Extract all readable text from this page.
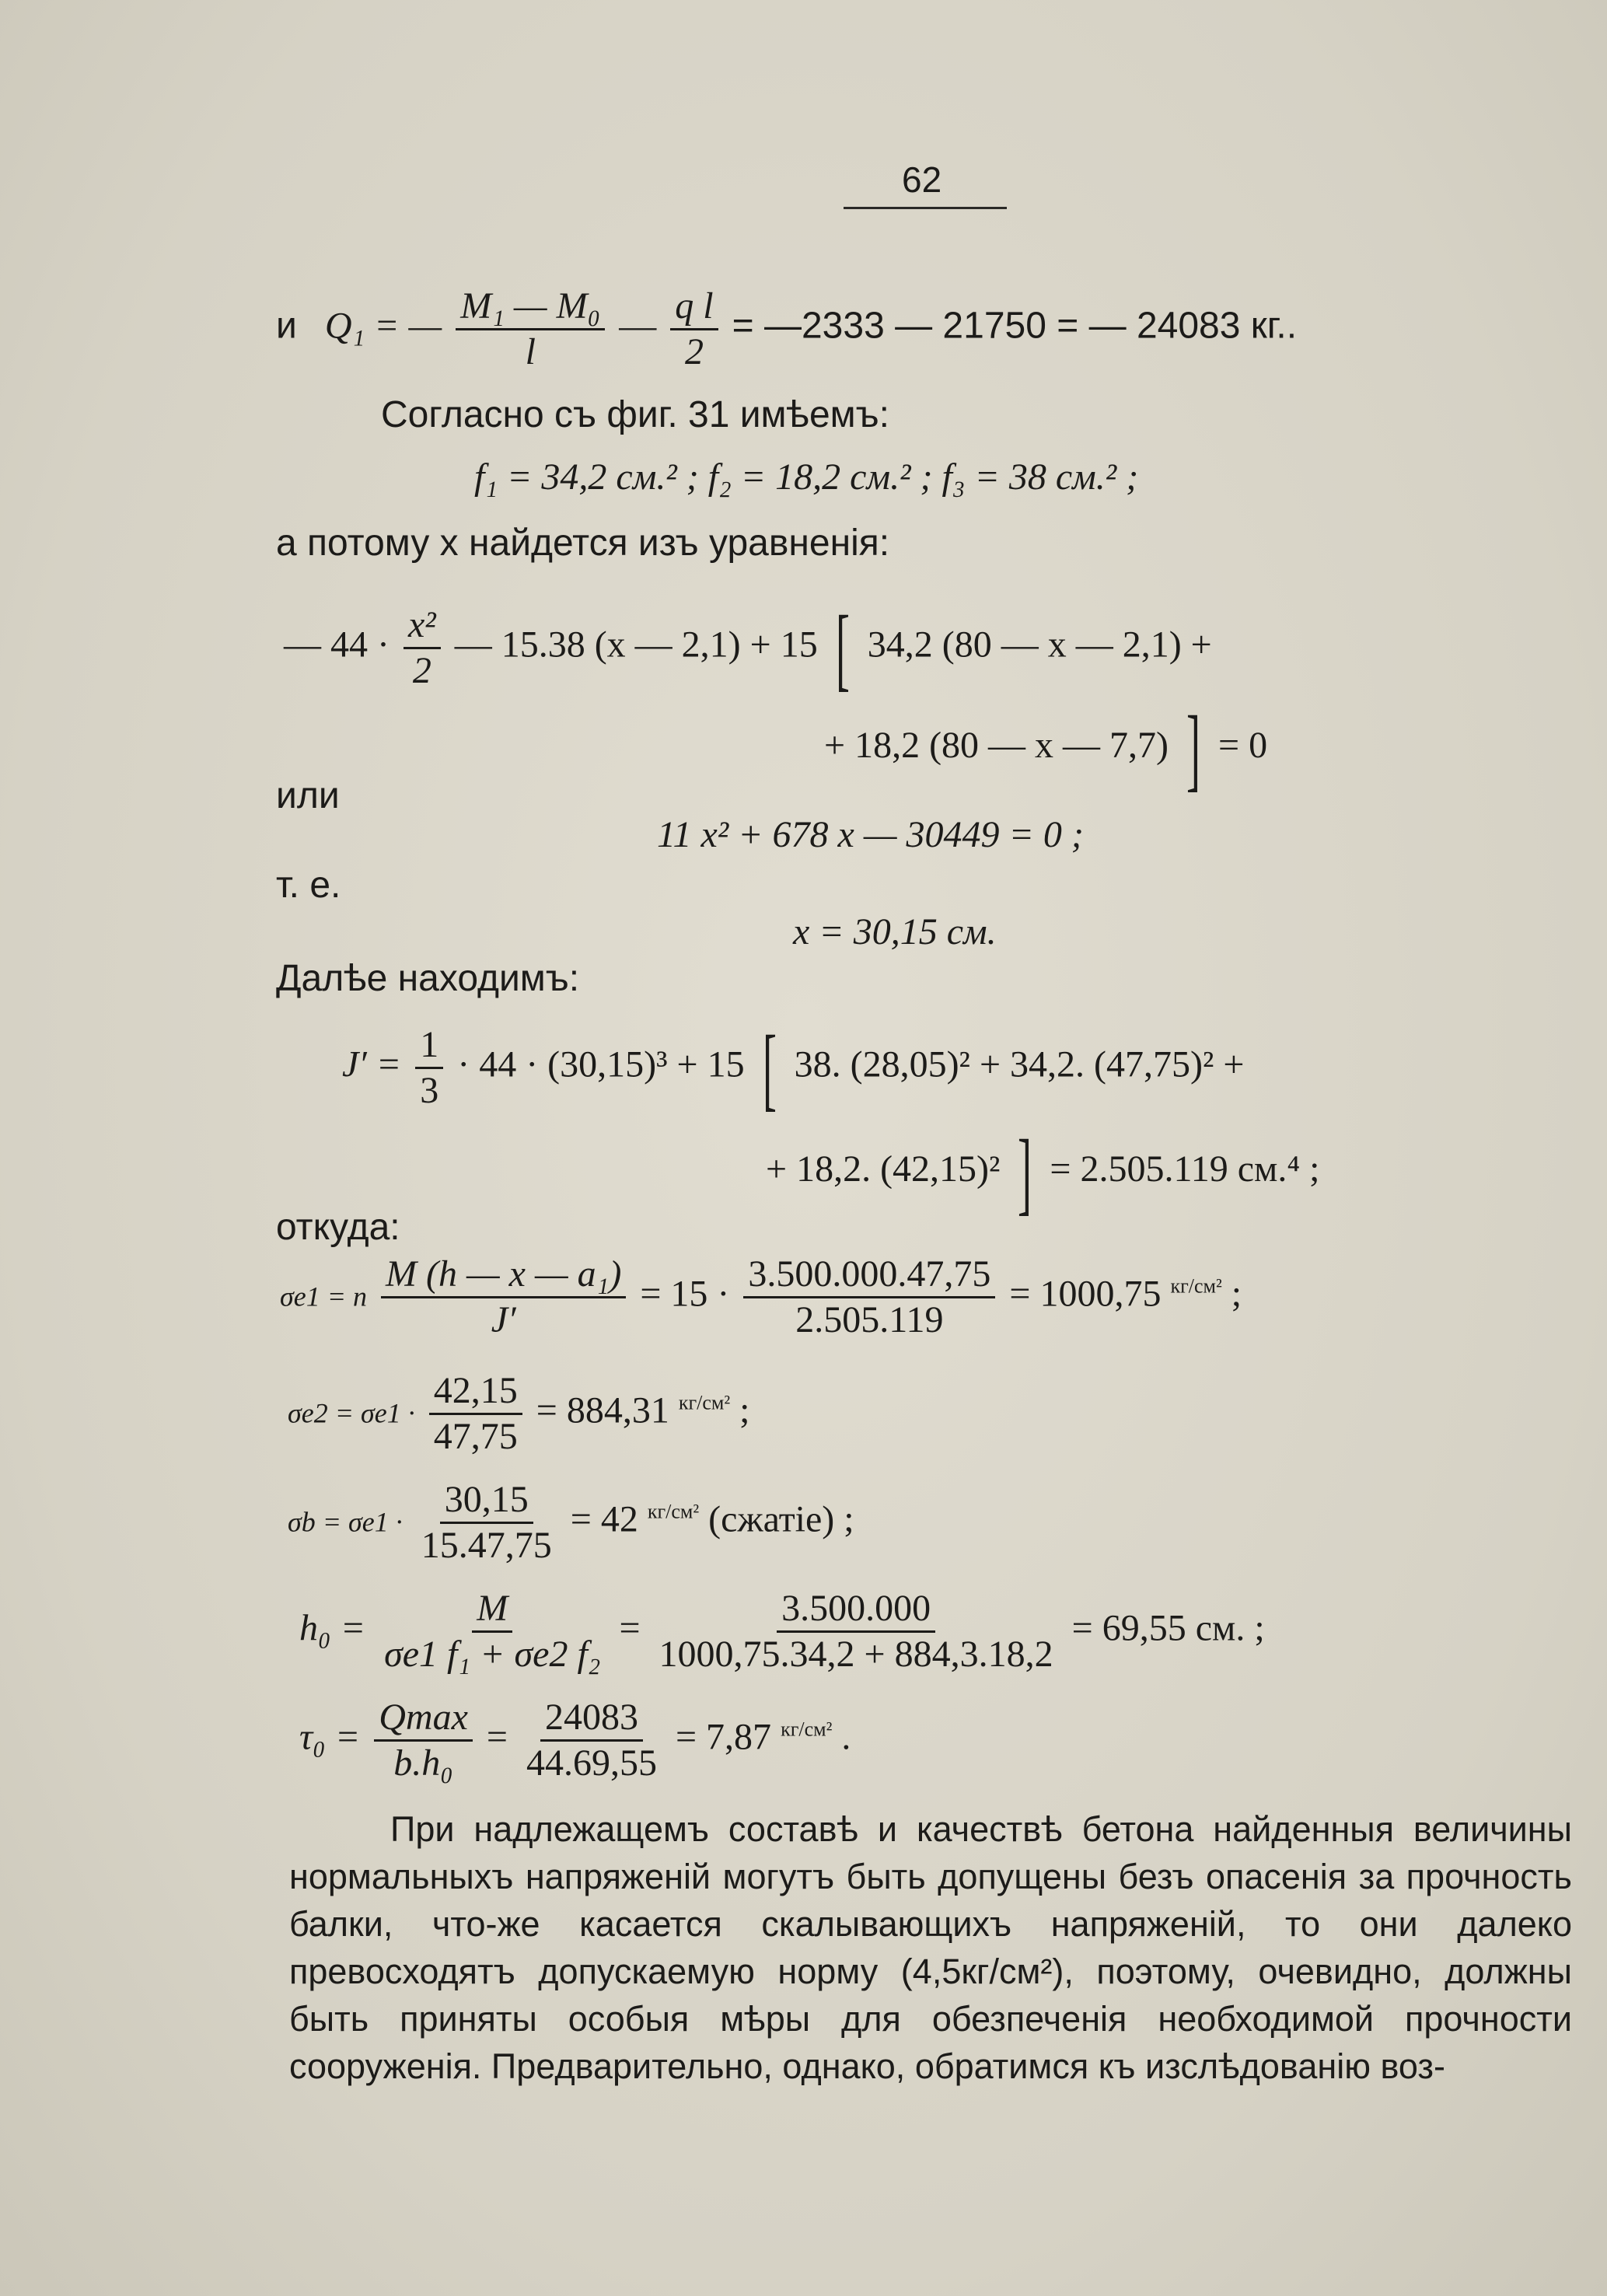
62
и Q₁ = — $\frac{\text{M₁ — M₀}}{l}$ — $\frac{\text{q l}}{2}$ = —2333 — 21750 = — 24083 кг..
Согласно съ фиг. 31 имѣемъ:
f₁ = 34,2 см.² ; f₂ = 18,2 см.² ; f₃ = 38 см.² ;
а потому x найдется изъ уравненія:
— $44 \cdot \frac{\text{x²}}{2}$ — 15.38 (x — 2,1) + 15 [ 34,2 (80 — x — 2,1) +
+ 18,2 (80 — x — 7,7) ] = 0
или
11 x² + 678 x — 30449 = 0 ;
т. е.
x = 30,15 см.
Далѣе находимъ:
$J' = \frac{1}{3} \cdot 44 \cdot (30,15)^3 + 15$ [ 38. (28,05)² + 34,2. (47,75)² +
+ 18,2. (42,15)² ] = 2.505.119 см.⁴ ;
откуда:
σe1 = n $\frac{\text{M (h — x — a₁)}}{J'} = 15 \cdot \frac{3.500.000.47,75}{2.505.119} = 1000,75$ $^{кг/см^2}$ ;
$\sigma e2 = \sigma e1 \cdot \frac{42,15}{47,75} = 884,31$ $^{кг/см^2}$ ;
$\sigma b = \sigma e1 \cdot \frac{30,15}{15.47,75} = 42$ $^{кг/см^2}$ (сжатіе) ;
$h_0 = \frac{M}{\text{σe1 f₁ + σe2 f₂}} = \frac{3.500.000}{1000,75.34,2 + 884,3.18,2} = 69,55$ см. ;
$\tau_0 = \frac{Qmax}{\text{b.h₀}} = \frac{24083}{44.69,55} = 7,87$ $^{кг/см^2}$ .
При надлежащемъ составѣ и качествѣ бетона найденныя величины нормальныхъ напряженій могутъ быть допущены безъ опасенія за прочность балки, что-же касается скалывающихъ напряженій, то они далеко превосходятъ допускаемую норму (4,5кг/см²), поэтому, очевидно, должны быть приняты особыя мѣры для обезпеченія необходимой прочности сооруженія. Предварительно, однако, обратимся къ изслѣдованію воз-
